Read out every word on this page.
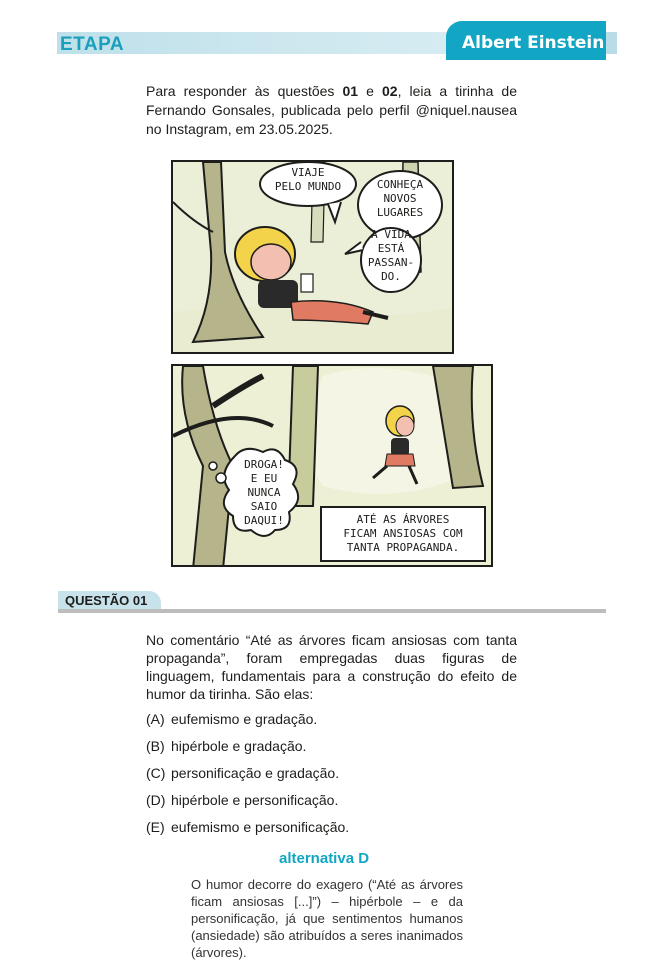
ETAPA	Albert Einstein

Para responder às questões 01 e 02, leia a tirinha de Fernando Gonsales, publicada pelo perfil @niquel.nausea no Instagram, em 23.05.2025.

VIAJE
PELO MUNDO	CONHEÇA
NOVOS
LUGARES
A VIDA
ESTÁ
PASSAN-
DO.
DROGA!
E EU
NUNCA
SAIO
DAQUI!	ATÉ AS ÁRVORES
FICAM ANSIOSAS COM
TANTA PROPAGANDA.
QUESTÃO 01

No comentário “Até as árvores ficam ansiosas com tanta propaganda”, foram empregadas duas figuras de linguagem, fundamentais para a construção do efeito de humor da tirinha. São elas:

(A) eufemismo e gradação.
(B) hipérbole e gradação.
(C) personificação e gradação.
(D) hipérbole e personificação.
(E) eufemismo e personificação.
alternativa D

O humor decorre do exagero (“Até as árvores ficam ansiosas [...]”) – hipérbole – e da personificação, já que sentimentos humanos (ansiedade) são atribuídos a seres inanimados (árvores).
